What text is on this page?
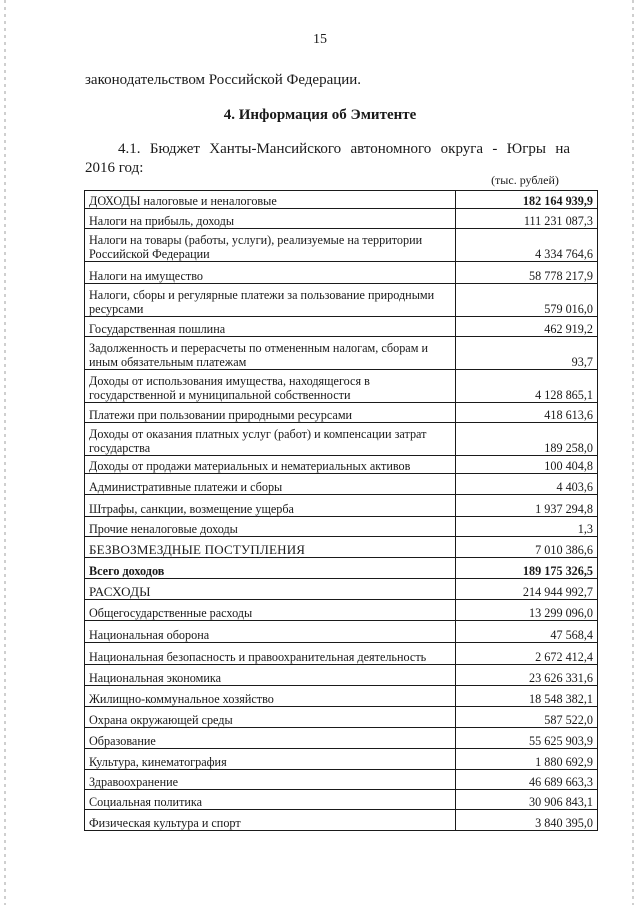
15
законодательством Российской Федерации.
4. Информация об Эмитенте
4.1. Бюджет Ханты-Мансийского автономного округа - Югры на
2016 год:
(тыс. рублей)
ДОХОДЫ налоговые и неналоговые	182 164 939,9
Налоги на прибыль, доходы	111 231 087,3
Налоги на товары (работы, услуги), реализуемые на территории Российской Федерации	4 334 764,6
Налоги на имущество	58 778 217,9
Налоги, сборы и регулярные платежи за пользование природными ресурсами	579 016,0
Государственная пошлина	462 919,2
Задолженность и перерасчеты по отмененным налогам, сборам и иным обязательным платежам	93,7
Доходы от использования имущества, находящегося в государственной и муниципальной собственности	4 128 865,1
Платежи при пользовании природными ресурсами	418 613,6
Доходы от оказания платных услуг (работ) и компенсации затрат государства	189 258,0
Доходы от продажи материальных и нематериальных активов	100 404,8
Административные платежи и сборы	4 403,6
Штрафы, санкции, возмещение ущерба	1 937 294,8
Прочие неналоговые доходы	1,3
БЕЗВОЗМЕЗДНЫЕ ПОСТУПЛЕНИЯ	7 010 386,6
Всего доходов	189 175 326,5
РАСХОДЫ	214 944 992,7
Общегосударственные расходы	13 299 096,0
Национальная оборона	47 568,4
Национальная безопасность и правоохранительная деятельность	2 672 412,4
Национальная экономика	23 626 331,6
Жилищно-коммунальное хозяйство	18 548 382,1
Охрана окружающей среды	587 522,0
Образование	55 625 903,9
Культура, кинематография	1 880 692,9
Здравоохранение	46 689 663,3
Социальная политика	30 906 843,1
Физическая культура и спорт	3 840 395,0
